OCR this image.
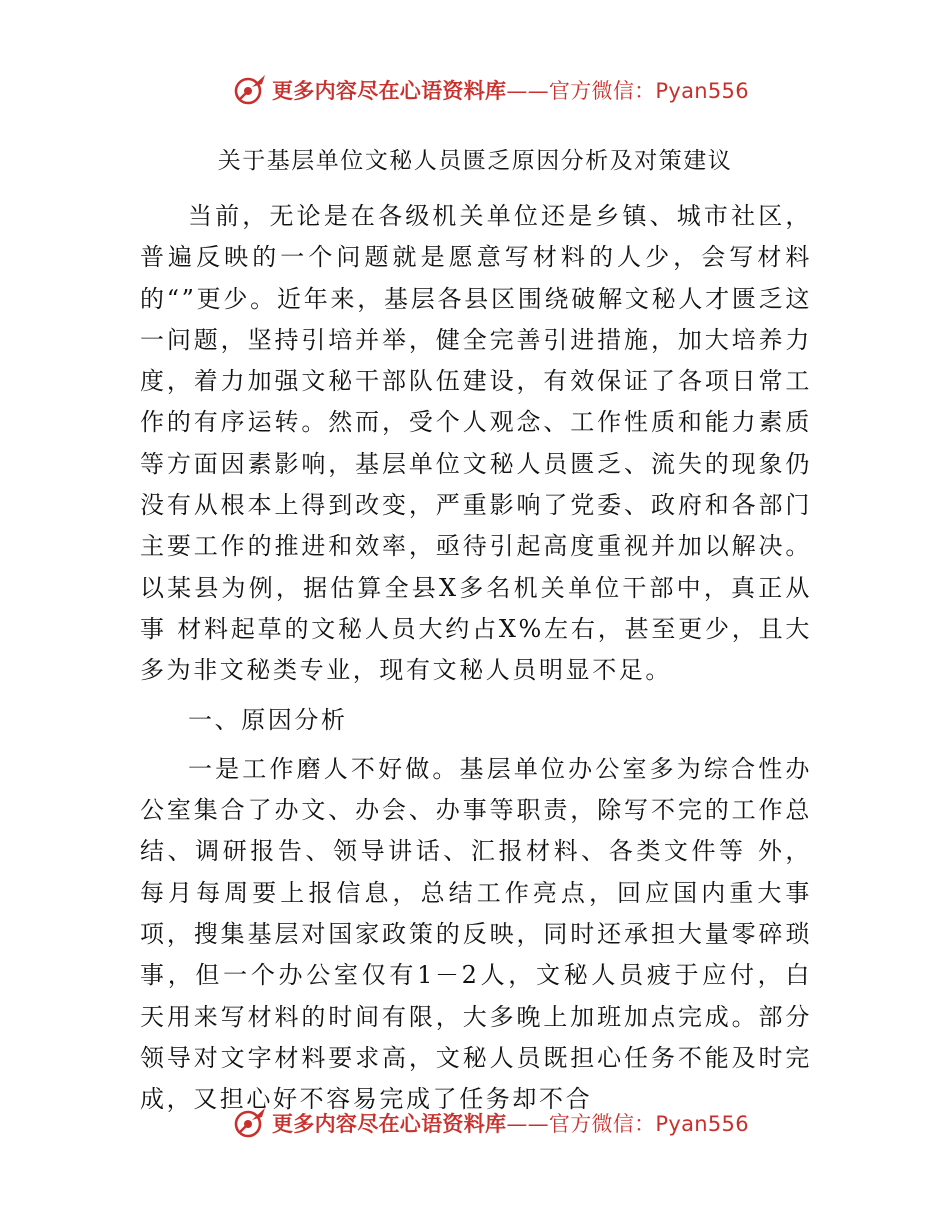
更多内容尽在心语资料库——官方微信：Pyan556
关于基层单位文秘人员匮乏原因分析及对策建议

当前，无论是在各级机关单位还是乡镇、城市社区，普遍反映的一个问题就是愿意写材料的人少，会写材料的“”更少。近年来，基层各县区围绕破解文秘人才匮乏这一问题，坚持引培并举，健全完善引进措施，加大培养力度，着力加强文秘干部队伍建设，有效保证了各项日常工作的有序运转。然而，受个人观念、工作性质和能力素质等方面因素影响，基层单位文秘人员匮乏、流失的现象仍没有从根本上得到改变，严重影响了党委、政府和各部门主要工作的推进和效率，亟待引起高度重视并加以解决。以某县为例，据估算全县X多名机关单位干部中，真正从事 材料起草的文秘人员大约占X%左右，甚至更少，且大多为非文秘类专业，现有文秘人员明显不足。

一、原因分析

一是工作磨人不好做。基层单位办公室多为综合性办公室集合了办文、办会、办事等职责，除写不完的工作总结、调研报告、领导讲话、汇报材料、各类文件等 外，每月每周要上报信息，总结工作亮点，回应国内重大事项，搜集基层对国家政策的反映，同时还承担大量零碎琐事，但一个办公室仅有1－2人，文秘人员疲于应付，白天用来写材料的时间有限，大多晚上加班加点完成。部分领导对文字材料要求高，文秘人员既担心任务不能及时完成，又担心好不容易完成了任务却不合

更多内容尽在心语资料库——官方微信：Pyan556
